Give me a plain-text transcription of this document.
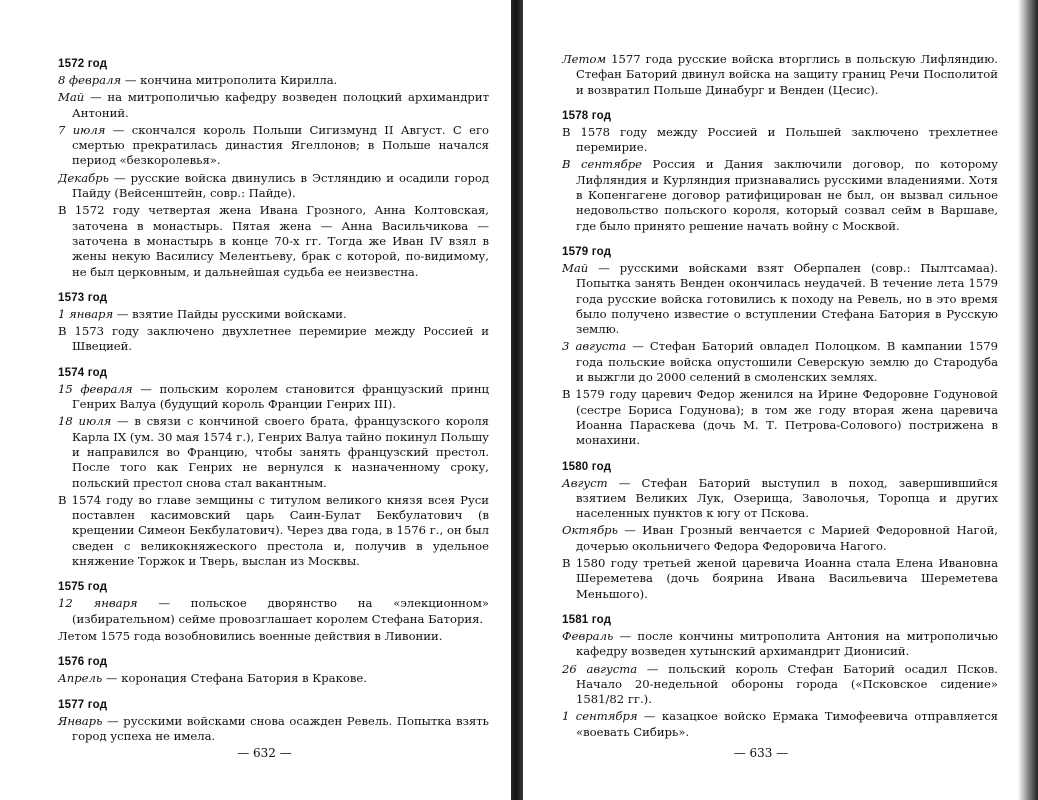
1572 год
8 февраля — кончина митрополита Кирилла.
Май — на митрополичью кафедру возведен полоцкий архимандрит Антоний.
7 июля — скончался король Польши Сигизмунд II Август. С его смертью прекратилась династия Ягеллонов; в Польше начался период «безкоролевья».
Декабрь — русские войска двинулись в Эстляндию и осадили город Пайду (Вейсенштейн, совр.: Пайде).
В 1572 году четвертая жена Ивана Грозного, Анна Колтовская, заточена в монастырь. Пятая жена — Анна Васильчикова — заточена в монастырь в конце 70-х гг. Тогда же Иван IV взял в жены некую Василису Мелентьеву, брак с которой, по-видимому, не был церковным, и дальнейшая судьба ее неизвестна.
1573 год
1 января — взятие Пайды русскими войсками.
В 1573 году заключено двухлетнее перемирие между Россией и Швецией.
1574 год
15 февраля — польским королем становится французский принц Генрих Валуа (будущий король Франции Генрих III).
18 июля — в связи с кончиной своего брата, французского короля Карла IX (ум. 30 мая 1574 г.), Генрих Валуа тайно покинул Польшу и направился во Францию, чтобы занять французский престол. После того как Генрих не вернулся к назначенному сроку, польский престол снова стал вакантным.
В 1574 году во главе земщины с титулом великого князя всея Руси поставлен касимовский царь Саин-Булат Бекбулатович (в крещении Симеон Бекбулатович). Через два года, в 1576 г., он был сведен с великокняжеского престола и, получив в удельное княжение Торжок и Тверь, выслан из Москвы.
1575 год
12 января — польское дворянство на «элекционном» (избирательном) сейме провозглашает королем Стефана Батория.
Летом 1575 года возобновились военные действия в Ливонии.
1576 год
Апрель — коронация Стефана Батория в Кракове.
1577 год
Январь — русскими войсками снова осажден Ревель. Попытка взять город успеха не имела.
— 632 —
Летом 1577 года русские войска вторглись в польскую Лифляндию. Стефан Баторий двинул войска на защиту границ Речи Посполитой и возвратил Польше Динабург и Венден (Цесис).
1578 год
В 1578 году между Россией и Польшей заключено трехлетнее перемирие.
В сентябре Россия и Дания заключили договор, по которому Лифляндия и Курляндия признавались русскими владениями. Хотя в Копенгагене договор ратифицирован не был, он вызвал сильное недовольство польского короля, который созвал сейм в Варшаве, где было принято решение начать войну с Москвой.
1579 год
Май — русскими войсками взят Оберпален (совр.: Пылтсамаа). Попытка занять Венден окончилась неудачей. В течение лета 1579 года русские войска готовились к походу на Ревель, но в это время было получено известие о вступлении Стефана Батория в Русскую землю.
3 августа — Стефан Баторий овладел Полоцком. В кампании 1579 года польские войска опустошили Северскую землю до Стародуба и выжгли до 2000 селений в смоленских землях.
В 1579 году царевич Федор женился на Ирине Федоровне Годуновой (сестре Бориса Годунова); в том же году вторая жена царевича Иоанна Параскева (дочь М. Т. Петрова-Солового) пострижена в монахини.
1580 год
Август — Стефан Баторий выступил в поход, завершившийся взятием Великих Лук, Озерища, Заволочья, Торопца и других населенных пунктов к югу от Пскова.
Октябрь — Иван Грозный венчается с Марией Федоровной Нагой, дочерью окольничего Федора Федоровича Нагого.
В 1580 году третьей женой царевича Иоанна стала Елена Ивановна Шереметева (дочь боярина Ивана Васильевича Шереметева Меньшого).
1581 год
Февраль — после кончины митрополита Антония на митрополичью кафедру возведен хутынский архимандрит Дионисий.
26 августа — польский король Стефан Баторий осадил Псков. Начало 20-недельной обороны города («Псковское сидение» 1581/82 гг.).
1 сентября — казацкое войско Ермака Тимофеевича отправляется «воевать Сибирь».
— 633 —
